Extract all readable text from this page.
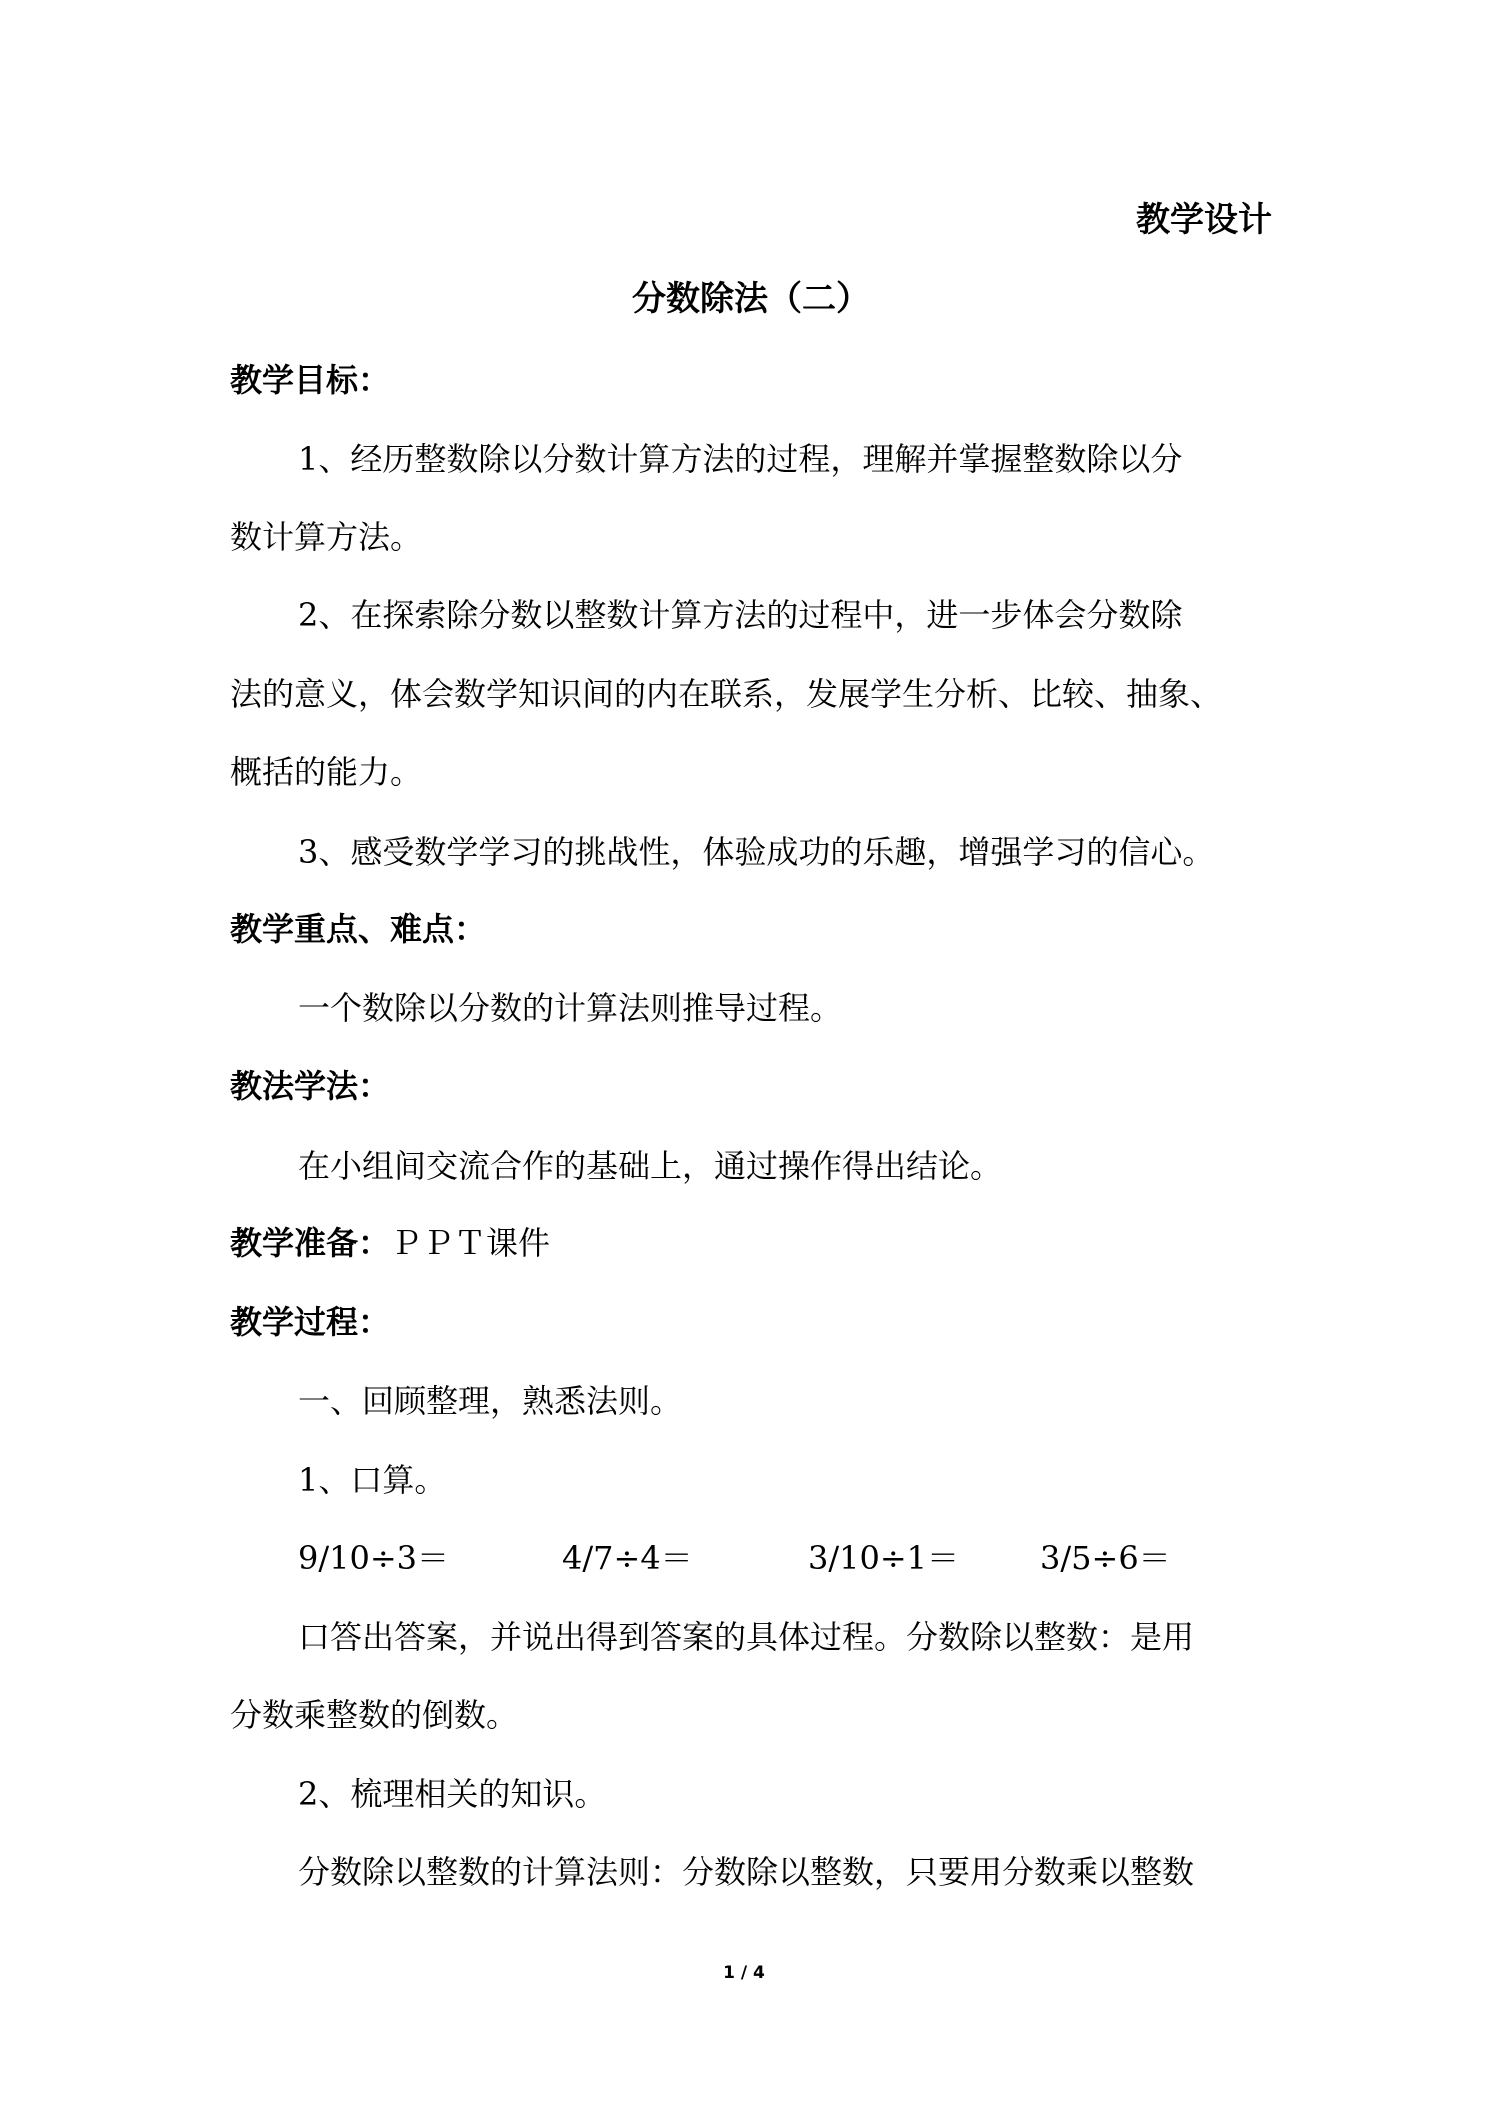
教学设计
分数除法（二）
教学目标：
1、经历整数除以分数计算方法的过程，理解并掌握整数除以分
数计算方法。
2、在探索除分数以整数计算方法的过程中，进一步体会分数除
法的意义，体会数学知识间的内在联系，发展学生分析、比较、抽象、
概括的能力。
3、感受数学学习的挑战性，体验成功的乐趣，增强学习的信心。
教学重点、难点：
一个数除以分数的计算法则推导过程。
教法学法：
在小组间交流合作的基础上，通过操作得出结论。
教学准备：ＰＰＴ课件
教学过程：
一、回顾整理，熟悉法则。
1、口算。
9/10÷3＝	4/7÷4＝	3/10÷1＝	3/5÷6＝
口答出答案，并说出得到答案的具体过程。分数除以整数：是用
分数乘整数的倒数。
2、梳理相关的知识。
分数除以整数的计算法则：分数除以整数，只要用分数乘以整数
1 / 4
